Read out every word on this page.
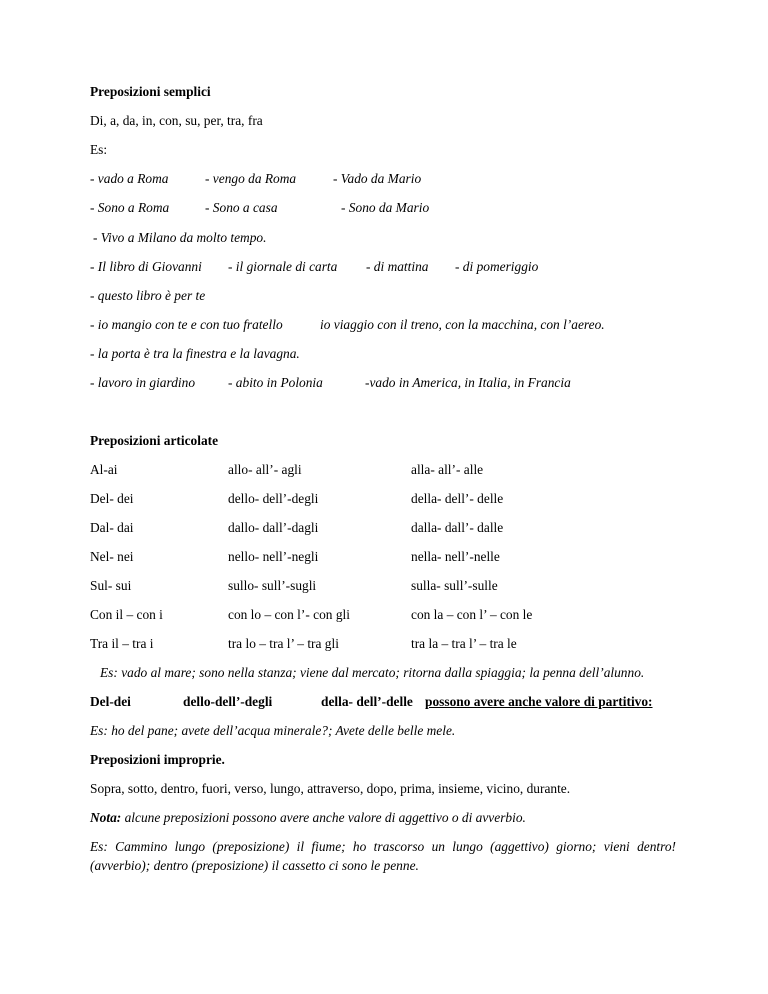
Preposizioni semplici
Di, a, da, in, con, su, per, tra, fra
Es:
- vado a Roma	- vengo da Roma	- Vado da Mario
- Sono a Roma	- Sono a casa	- Sono da Mario
- Vivo a Milano da molto tempo.
- Il libro di Giovanni - il giornale di carta - di mattina - di pomeriggio
- questo libro è per te
- io mangio con te e con tuo fratello	io viaggio con il treno, con la macchina, con l’aereo.
- la porta è tra la finestra e la lavagna.
- lavoro in giardino - abito in Polonia	-vado in America, in Italia, in Francia
Preposizioni articolate
Al-ai	allo- all’- agli	alla- all’- alle
Del- dei	dello- dell’-degli	della- dell’- delle
Dal- dai	dallo- dall’-dagli	dalla- dall’- dalle
Nel- nei	nello- nell’-negli	nella- nell’-nelle
Sul- sui	sullo- sull’-sugli	sulla- sull’-sulle
Con il – con i	con lo – con l’- con gli	con la – con l’ – con le
Tra il – tra i	tra lo – tra l’ – tra gli	tra la – tra l’ – tra le
Es: vado al mare; sono nella stanza; viene dal mercato; ritorna dalla spiaggia; la penna dell’alunno.
Del-dei	dello-dell’-degli	della- dell’-delle possono avere anche valore di partitivo:
Es: ho del pane; avete dell’acqua minerale?; Avete delle belle mele.
Preposizioni improprie.
Sopra, sotto, dentro, fuori, verso, lungo, attraverso, dopo, prima, insieme, vicino, durante.
Nota: alcune preposizioni possono avere anche valore di aggettivo o di avverbio.
Es: Cammino lungo (preposizione) il fiume; ho trascorso un lungo (aggettivo) giorno; vieni dentro!
(avverbio); dentro (preposizione) il cassetto ci sono le penne.
